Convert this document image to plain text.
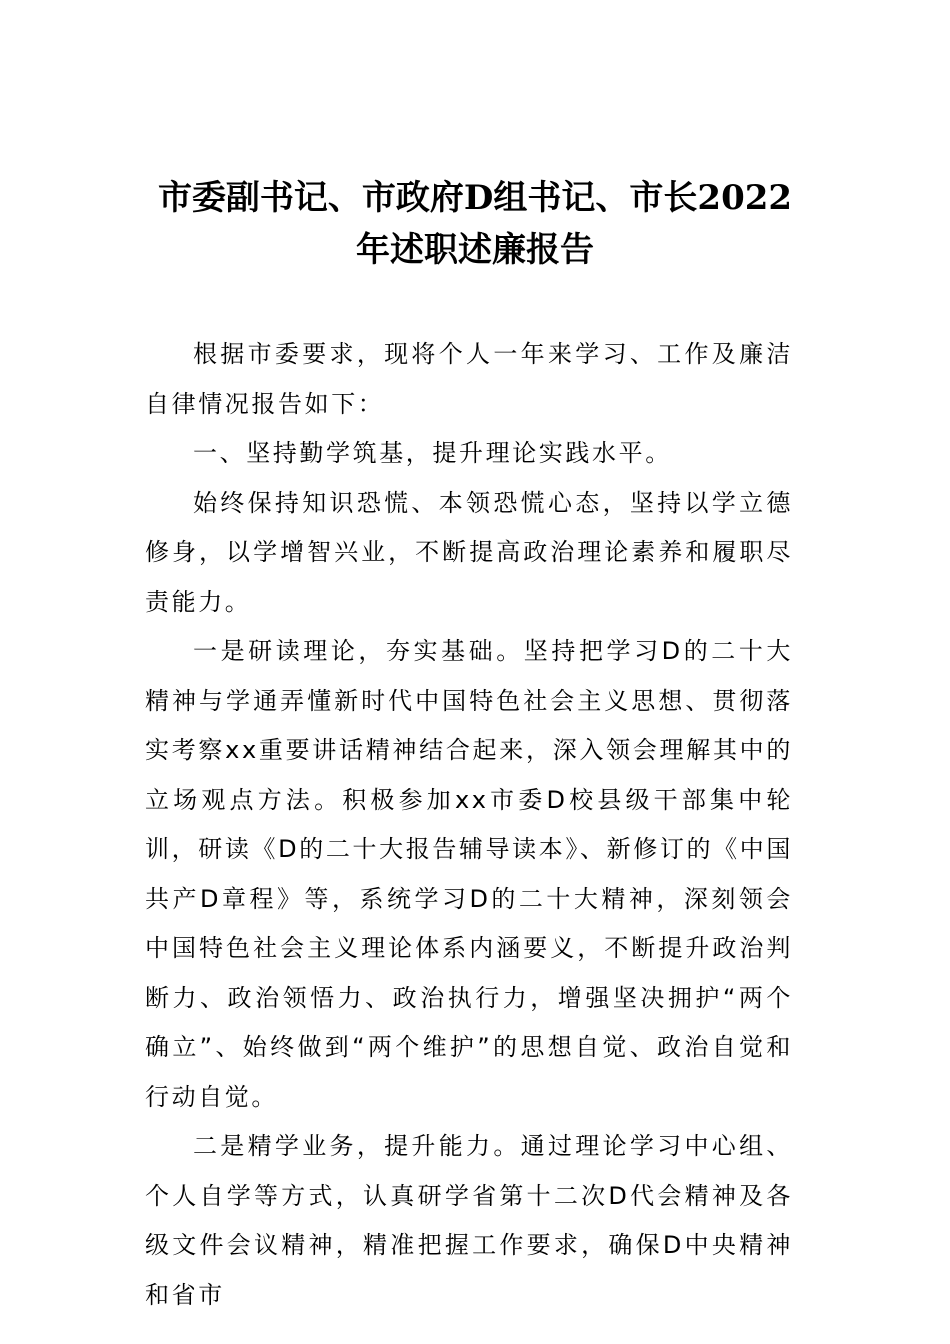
市委副书记、市政府D组书记、市长2022年述职述廉报告

根据市委要求，现将个人一年来学习、工作及廉洁自律情况报告如下：

一、坚持勤学筑基，提升理论实践水平。

始终保持知识恐慌、本领恐慌心态，坚持以学立德修身，以学增智兴业，不断提高政治理论素养和履职尽责能力。

一是研读理论，夯实基础。坚持把学习D的二十大精神与学通弄懂新时代中国特色社会主义思想、贯彻落实考察xx重要讲话精神结合起来，深入领会理解其中的立场观点方法。积极参加xx市委D校县级干部集中轮训，研读《D的二十大报告辅导读本》、新修订的《中国共产D章程》等，系统学习D的二十大精神，深刻领会中国特色社会主义理论体系内涵要义，不断提升政治判断力、政治领悟力、政治执行力，增强坚决拥护“两个确立”、始终做到“两个维护”的思想自觉、政治自觉和行动自觉。

二是精学业务，提升能力。通过理论学习中心组、个人自学等方式，认真研学省第十二次D代会精神及各级文件会议精神，精准把握工作要求，确保D中央精神和省市
